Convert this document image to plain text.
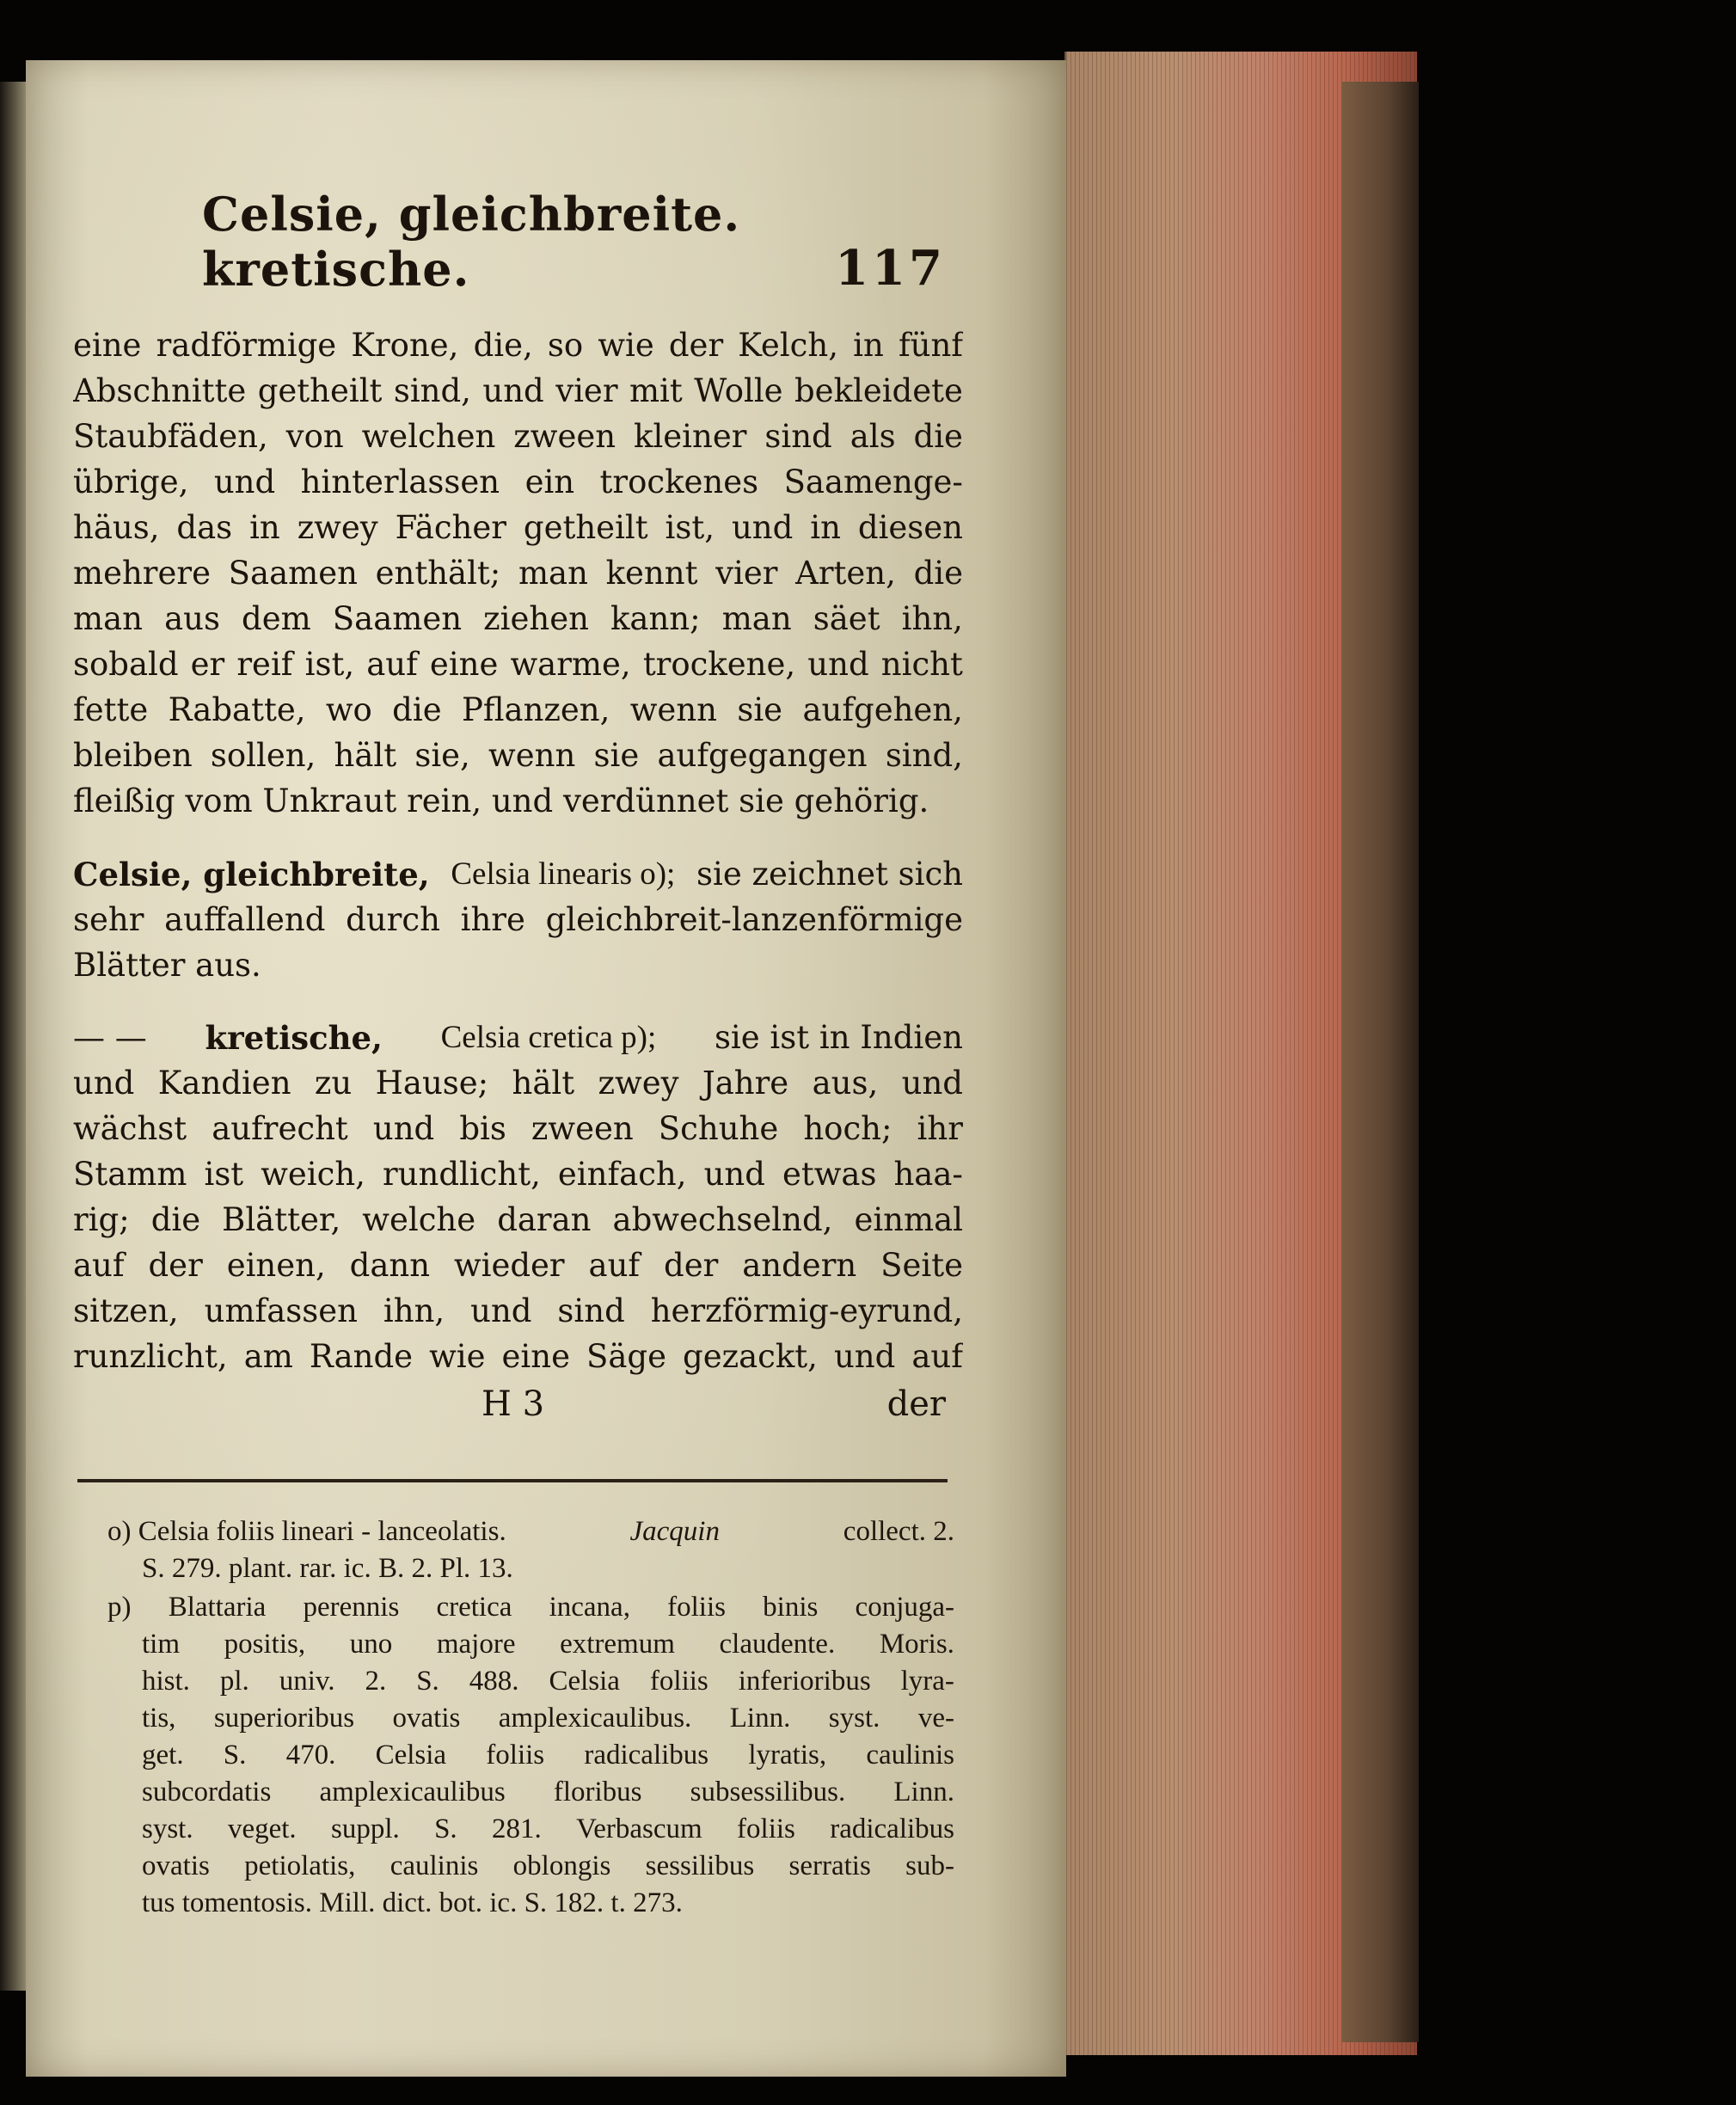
Celsie, gleichbreite. kretische.	117
eine radförmige Krone, die, so wie der Kelch, in fünf
Abschnitte getheilt sind, und vier mit Wolle bekleidete
Staubfäden, von welchen zween kleiner sind als die
übrige, und hinterlassen ein trockenes Saamenge-
häus, das in zwey Fächer getheilt ist, und in diesen
mehrere Saamen enthält; man kennt vier Arten, die
man aus dem Saamen ziehen kann; man säet ihn,
sobald er reif ist, auf eine warme, trockene, und nicht
fette Rabatte, wo die Pflanzen, wenn sie aufgehen,
bleiben sollen, hält sie, wenn sie aufgegangen sind,
fleißig vom Unkraut rein, und verdünnet sie gehörig.
Celsie, gleichbreite, Celsia linearis o); sie zeichnet sich
sehr auffallend durch ihre gleichbreit-lanzenförmige
Blätter aus.
— — kretische, Celsia cretica p); sie ist in Indien
und Kandien zu Hause; hält zwey Jahre aus, und
wächst aufrecht und bis zween Schuhe hoch; ihr
Stamm ist weich, rundlicht, einfach, und etwas haa-
rig; die Blätter, welche daran abwechselnd, einmal
auf der einen, dann wieder auf der andern Seite
sitzen, umfassen ihn, und sind herzförmig-eyrund,
runzlicht, am Rande wie eine Säge gezackt, und auf
H 3	der
o) Celsia foliis lineari - lanceolatis.	Jacquin	collect. 2.
S. 279. plant. rar. ic. B. 2. Pl. 13.
p) Blattaria perennis cretica incana, foliis binis conjuga-
tim positis, uno majore extremum claudente. Moris.
hist. pl. univ. 2. S. 488. Celsia foliis inferioribus lyra-
tis, superioribus ovatis amplexicaulibus. Linn. syst. ve-
get. S. 470. Celsia foliis radicalibus lyratis, caulinis
subcordatis amplexicaulibus floribus subsessilibus. Linn.
syst. veget. suppl. S. 281. Verbascum foliis radicalibus
ovatis petiolatis, caulinis oblongis sessilibus serratis sub-
tus tomentosis. Mill. dict. bot. ic. S. 182. t. 273.
